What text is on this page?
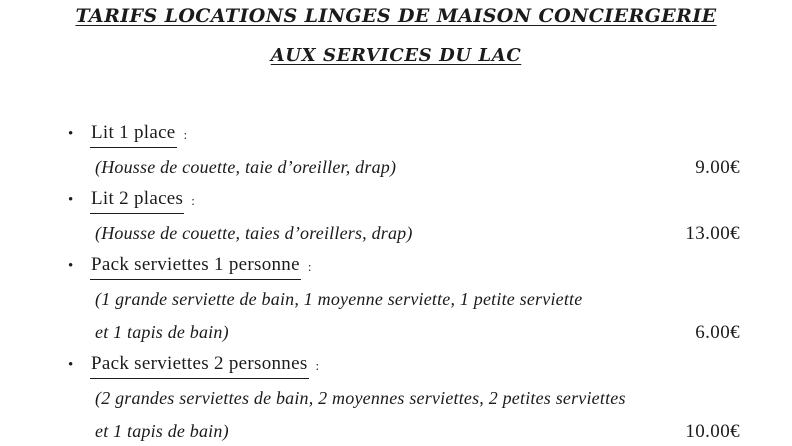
TARIFS LOCATIONS LINGES DE MAISON CONCIERGERIE
AUX SERVICES DU LAC
• Lit 1 place :
(Housse de couette, taie d’oreiller, drap)	9.00€
• Lit 2 places :
(Housse de couette, taies d’oreillers, drap)	13.00€
• Pack serviettes 1 personne :
(1 grande serviette de bain, 1 moyenne serviette, 1 petite serviette
et 1 tapis de bain)	6.00€
• Pack serviettes 2 personnes :
(2 grandes serviettes de bain, 2 moyennes serviettes, 2 petites serviettes
et 1 tapis de bain)	10.00€
